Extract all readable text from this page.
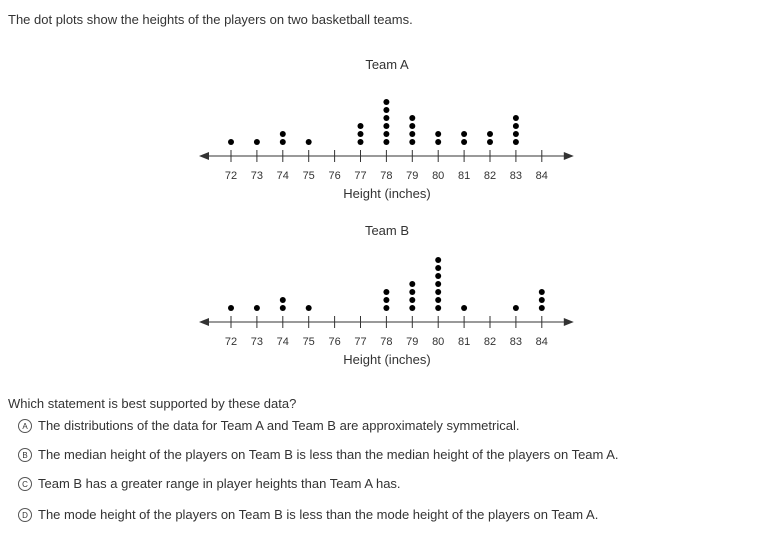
The dot plots show the heights of the players on two basketball teams.
Team A
72 73 74 75 76 77 78 79 80 81 82 83 84
Height (inches)
Team B
72 73 74 75 76 77 78 79 80 81 82 83 84
Height (inches)
Which statement is best supported by these data?
A The distributions of the data for Team A and Team B are approximately symmetrical.
B The median height of the players on Team B is less than the median height of the players on Team A.
C Team B has a greater range in player heights than Team A has.
D The mode height of the players on Team B is less than the mode height of the players on Team A.
